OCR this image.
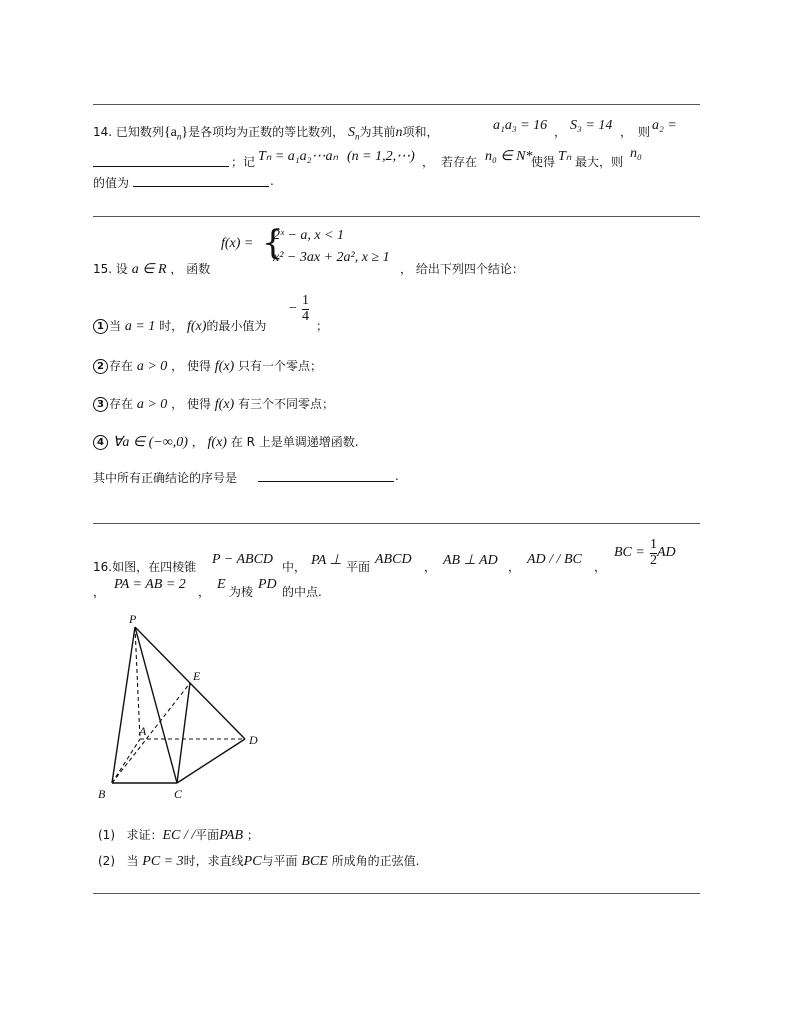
14. 已知数列$\{a_n\}$是各项均为正数的等比数列， $S_n$为其前n项和，	a₁a₃ = 16 ， S₃ = 14 ， 则 a₂ =
；记 Tₙ = a₁a₂⋯aₙ (n = 1,2,⋯) ， 若存在 n₀ ∈ N*
使得 Tₙ 最大，则
n₀
的值为	.
15. 设 a ∈ R ， 函数
f(x) = {
2ˣ − a, x < 1
x² − 3ax + 2a², x ≥ 1
， 给出下列四个结论：
1 当 a = 1 时， f(x)的最小值为
− $\frac{1}{4}$
；
2 存在 a > 0 ， 使得 f(x) 只有一个零点；
3 存在 a > 0 ， 使得 f(x) 有三个不同零点；
4 ∀a ∈ (−∞,0) ， f(x) 在 R 上是单调递增函数.
其中所有正确结论的序号是	.
16.如图，在四棱锥 P − ABCD 中， PA ⊥ 平面 ABCD ， AB ⊥ AD ， AD / / BC ，
BC = $\frac{1}{2}$ AD
， PA = AB = 2 ， E 为棱 PD 的中点.
P
E
A
D
B	C
(1) 求证：EC / /平面PAB ；
(2) 当 PC = 3时，求直线PC与平面 BCE 所成角的正弦值.
